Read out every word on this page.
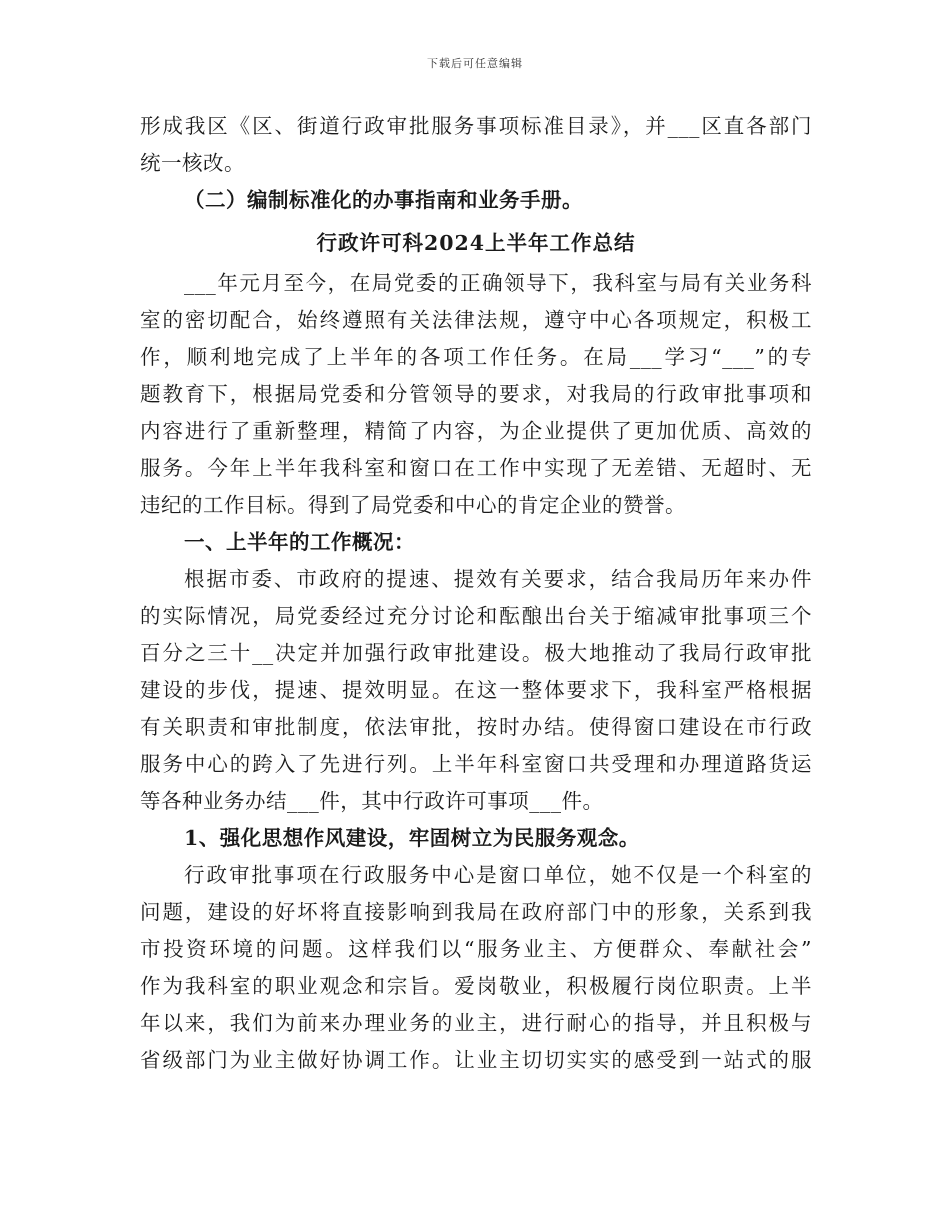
下载后可任意编辑
形成我区《区、街道行政审批服务事项标准目录》，并___区直各部门
统一核改。
（二）编制标准化的办事指南和业务手册。
行政许可科2024上半年工作总结
___年元月至今，在局党委的正确领导下，我科室与局有关业务科
室的密切配合，始终遵照有关法律法规，遵守中心各项规定，积极工
作，顺利地完成了上半年的各项工作任务。在局___学习“___”的专
题教育下，根据局党委和分管领导的要求，对我局的行政审批事项和
内容进行了重新整理，精简了内容，为企业提供了更加优质、高效的
服务。今年上半年我科室和窗口在工作中实现了无差错、无超时、无
违纪的工作目标。得到了局党委和中心的肯定企业的赞誉。
一、上半年的工作概况：
根据市委、市政府的提速、提效有关要求，结合我局历年来办件
的实际情况，局党委经过充分讨论和酝酿出台关于缩减审批事项三个
百分之三十__决定并加强行政审批建设。极大地推动了我局行政审批
建设的步伐，提速、提效明显。在这一整体要求下，我科室严格根据
有关职责和审批制度，依法审批，按时办结。使得窗口建设在市行政
服务中心的跨入了先进行列。上半年科室窗口共受理和办理道路货运
等各种业务办结___件，其中行政许可事项___件。
1、强化思想作风建设，牢固树立为民服务观念。
行政审批事项在行政服务中心是窗口单位，她不仅是一个科室的
问题，建设的好坏将直接影响到我局在政府部门中的形象，关系到我
市投资环境的问题。这样我们以“服务业主、方便群众、奉献社会”
作为我科室的职业观念和宗旨。爱岗敬业，积极履行岗位职责。上半
年以来，我们为前来办理业务的业主，进行耐心的指导，并且积极与
省级部门为业主做好协调工作。让业主切切实实的感受到一站式的服
